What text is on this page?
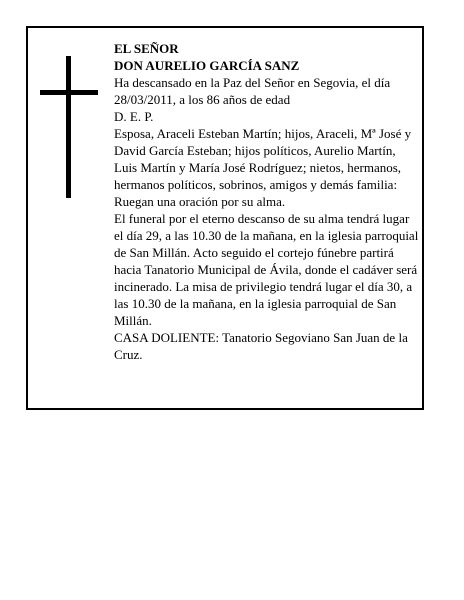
EL SEÑOR

DON AURELIO GARCÍA SANZ

Ha descansado en la Paz del Señor en Segovia, el día 28/03/2011, a los 86 años de edad

D. E. P.

Esposa, Araceli Esteban Martín; hijos, Araceli, Mª José y David García Esteban; hijos políticos, Aurelio Martín, Luis Martín y María José Rodríguez; nietos, hermanos, hermanos políticos, sobrinos, amigos y demás familia:

Ruegan una oración por su alma.

El funeral por el eterno descanso de su alma tendrá lugar el día 29, a las 10.30 de la mañana, en la iglesia parroquial de San Millán. Acto seguido el cortejo fúnebre partirá hacia Tanatorio Municipal de Ávila, donde el cadáver será incinerado. La misa de privilegio tendrá lugar el día 30, a las 10.30 de la mañana, en la iglesia parroquial de San Millán.

CASA DOLIENTE: Tanatorio Segoviano San Juan de la Cruz.
